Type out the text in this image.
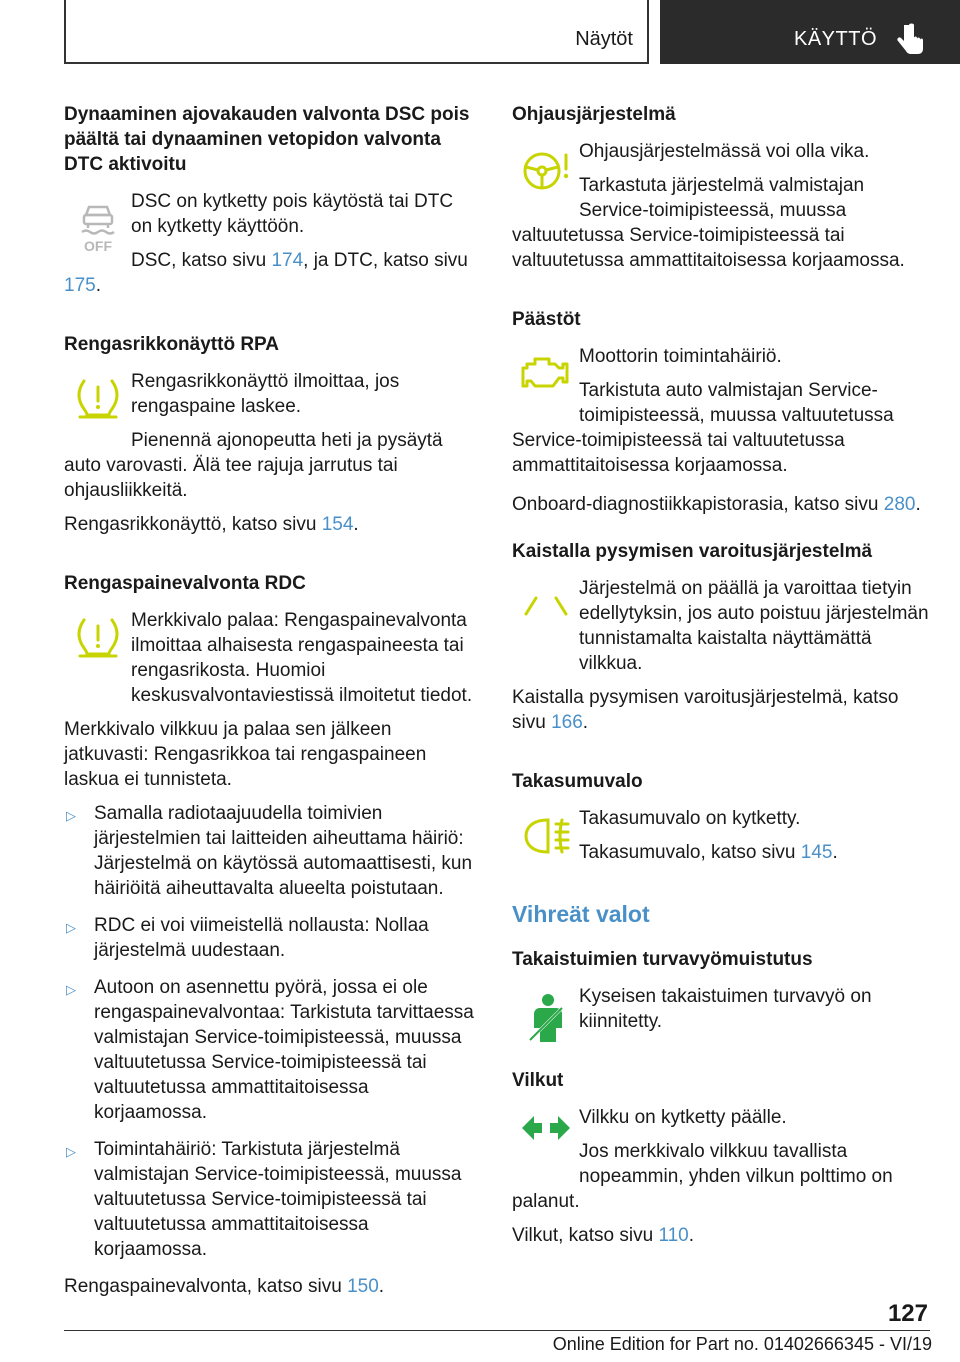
Näytöt	KÄYTTÖ
Dynaaminen ajovakauden valvonta DSC pois päältä tai dynaaminen vetopidon valvonta DTC aktivoitu
OFF

DSC on kytketty pois käytöstä tai DTC on kytketty käyttöön.

DSC, katso sivu 174, ja DTC, katso sivu 175.

Rengasrikkonäyttö RPA

Rengasrikkonäyttö ilmoittaa, jos rengaspaine laskee.

Pienennä ajonopeutta heti ja pysäytä auto varovasti. Älä tee rajuja jarrutus tai ohjausliikkeitä.

Rengasrikkonäyttö, katso sivu 154.

Rengaspainevalvonta RDC

Merkkivalo palaa: Rengaspainevalvonta ilmoittaa alhaisesta rengaspaineesta tai rengasrikosta. Huomioi keskusvalvontaviestissä ilmoitetut tiedot.

Merkkivalo vilkkuu ja palaa sen jälkeen jatkuvasti: Rengasrikkoa tai rengaspaineen laskua ei tunnisteta.

▷ Samalla radiotaajuudella toimivien järjestelmien tai laitteiden aiheuttama häiriö: Järjestelmä on käytössä automaattisesti, kun häiriöitä aiheuttavalta alueelta poistutaan.
▷ RDC ei voi viimeistellä nollausta: Nollaa järjestelmä uudestaan.
▷ Autoon on asennettu pyörä, jossa ei ole rengaspainevalvontaa: Tarkistuta tarvittaessa valmistajan Service-toimipisteessä, muussa valtuutetussa Service-toimipisteessä tai valtuutetussa ammattitaitoisessa korjaamossa.
▷ Toimintahäiriö: Tarkistuta järjestelmä valmistajan Service-toimipisteessä, muussa valtuutetussa Service-toimipisteessä tai valtuutetussa ammattitaitoisessa korjaamossa.

Rengaspainevalvonta, katso sivu 150.

Ohjausjärjestelmä

Ohjausjärjestelmässä voi olla vika.

Tarkastuta järjestelmä valmistajan Service-toimipisteessä, muussa valtuutetussa Service-toimipisteessä tai valtuutetussa ammattitaitoisessa korjaamossa.

Päästöt

Moottorin toimintahäiriö.

Tarkistuta auto valmistajan Service-toimipisteessä, muussa valtuutetussa Service-toimipisteessä tai valtuutetussa ammattitaitoisessa korjaamossa.

Onboard-diagnostiikkapistorasia, katso sivu 280.

Kaistalla pysymisen varoitusjärjestelmä

Järjestelmä on päällä ja varoittaa tietyin edellytyksin, jos auto poistuu järjestelmän tunnistamalta kaistalta näyttämättä vilkkua.

Kaistalla pysymisen varoitusjärjestelmä, katso sivu 166.

Takasumuvalo

Takasumuvalo on kytketty.

Takasumuvalo, katso sivu 145.

Vihreät valot
Takaistuimien turvavyömuistutus

Kyseisen takaistuimen turvavyö on kiinnitetty.

Vilkut

Vilkku on kytketty päälle.

Jos merkkivalo vilkkuu tavallista nopeammin, yhden vilkun polttimo on palanut.

Vilkut, katso sivu 110.

127
Online Edition for Part no. 01402666345 - VI/19
